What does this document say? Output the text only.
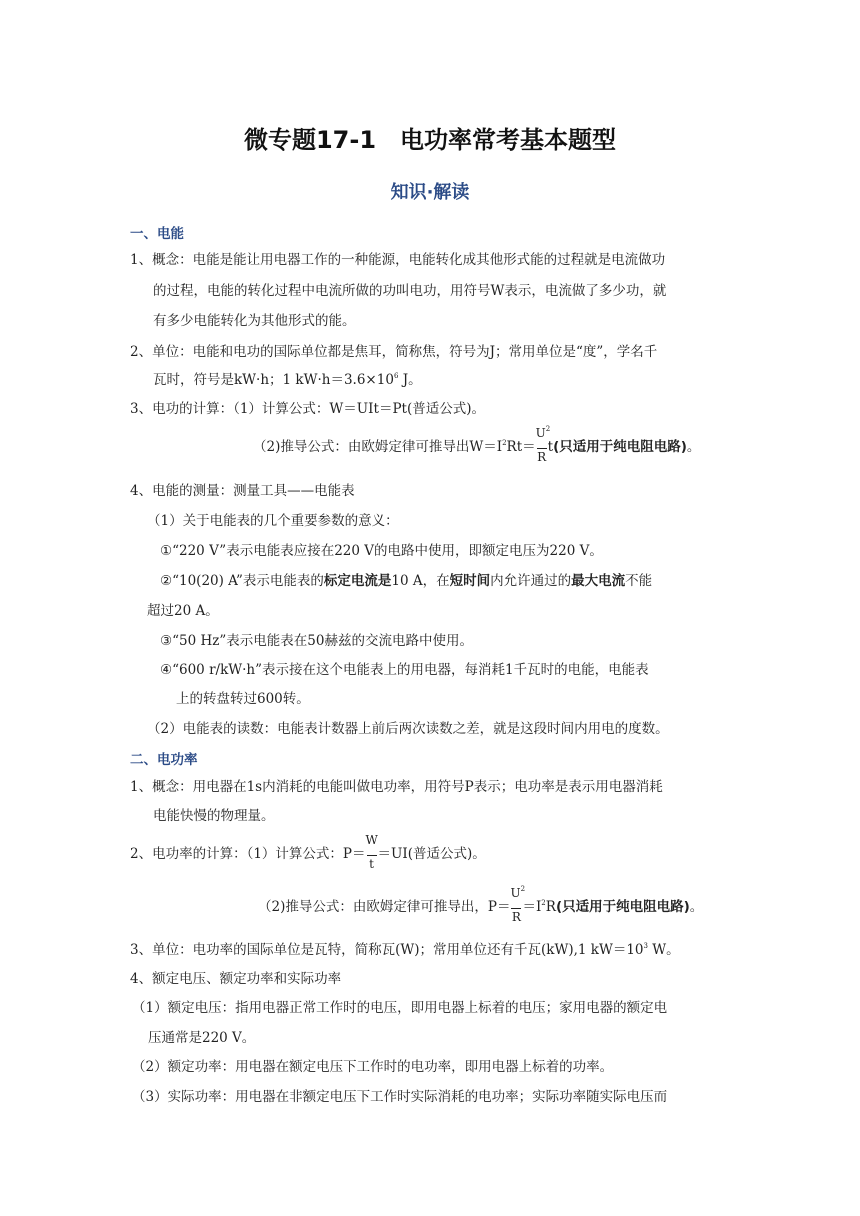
微专题17-1　电功率常考基本题型
知识·解读
一、电能
1、概念：电能是能让用电器工作的一种能源，电能转化成其他形式能的过程就是电流做功
的过程，电能的转化过程中电流所做的功叫电功，用符号W表示，电流做了多少功，就
有多少电能转化为其他形式的能。
2、单位：电能和电功的国际单位都是焦耳，简称焦，符号为J；常用单位是“度”，学名千
瓦时，符号是kW·h；1 $kW\cdot h=3.6\times 10^6$ J。
3、电功的计算：（1）计算公式：W＝UIt＝Pt(普适公式)。
（2)推导公式：由欧姆定律可推导出$W=I^2Rt= \frac{U^2}{R} t$(只适用于纯电阻电路)。
4、电能的测量：测量工具——电能表
（1）关于电能表的几个重要参数的意义：
①“220 V”表示电能表应接在220 V的电路中使用，即额定电压为220 V。
②“10(20) A”表示电能表的标定电流是10 A，在短时间内允许通过的最大电流不能
超过20 A。
③“50 Hz”表示电能表在50赫兹的交流电路中使用。
④“600 r/kW·h”表示接在这个电能表上的用电器，每消耗1千瓦时的电能，电能表
上的转盘转过600转。
（2）电能表的读数：电能表计数器上前后两次读数之差，就是这段时间内用电的度数。
二、电功率
1、概念：用电器在1s内消耗的电能叫做电功率，用符号P表示；电功率是表示用电器消耗
电能快慢的物理量。
2、电功率的计算：（1）计算公式：$P= \frac{W}{t} =UI$(普适公式)。
（2)推导公式：由欧姆定律可推导出，$P= \frac{U^2}{R} =I^2R$(只适用于纯电阻电路)。
3、单位：电功率的国际单位是瓦特，简称瓦(W)；常用单位还有千瓦(kW),1 $kW=10^3$ W。
4、额定电压、额定功率和实际功率
（1）额定电压：指用电器正常工作时的电压，即用电器上标着的电压；家用电器的额定电
压通常是220 V。
（2）额定功率：用电器在额定电压下工作时的电功率，即用电器上标着的功率。
（3）实际功率：用电器在非额定电压下工作时实际消耗的电功率；实际功率随实际电压而
